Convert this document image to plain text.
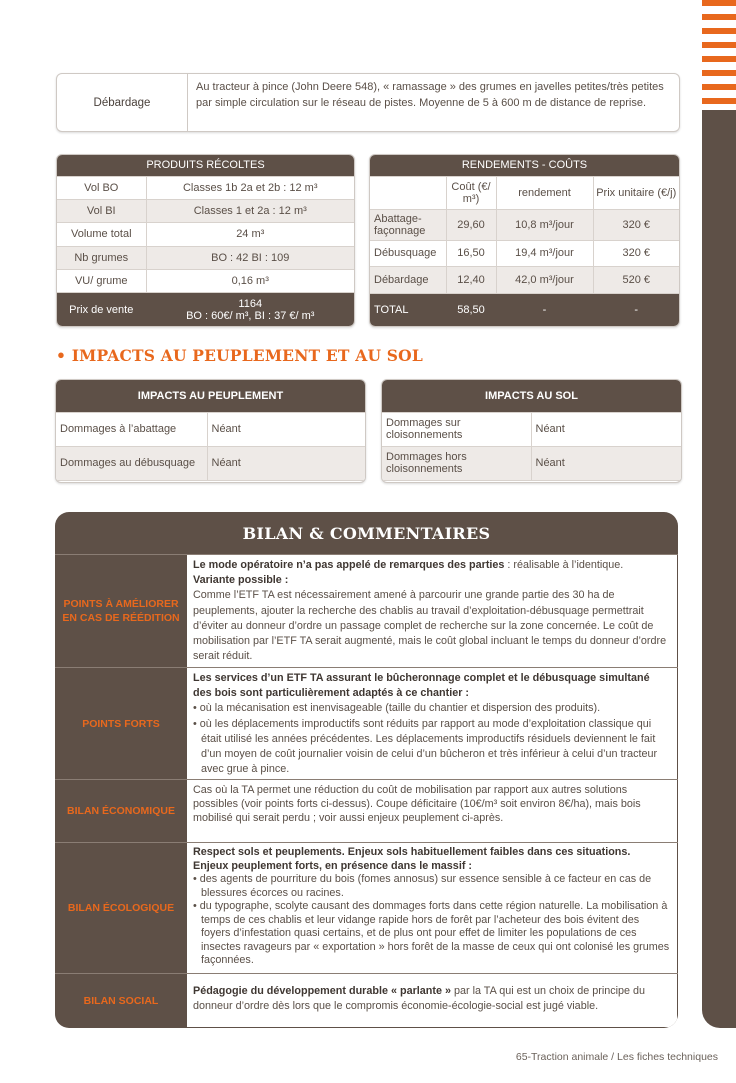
Débardage
Au tracteur à pince (John Deere 548), « ramassage » des grumes en javelles petites/très petites par simple circulation sur le réseau de pistes. Moyenne de 5 à 600 m de distance de reprise.
PRODUITS RÉCOLTES	
Vol BO	Classes 1b 2a et 2b : 12 m³
Vol BI	Classes 1 et 2a : 12 m³
Volume total	24 m³
Nb grumes	BO : 42 BI : 109
VU/ grume	0,16 m³
Prix de vente	1164
BO : 60€/ m³, BI : 37 €/ m³
RENDEMENTS - COÛTS			
	Coût (€/ m³)	rendement	Prix unitaire (€/j)
Abattage-façonnage	29,60	10,8 m³/jour	320 €
Débusquage	16,50	19,4 m³/jour	320 €
Débardage	12,40	42,0 m³/jour	520 €
TOTAL	58,50	-	-
• IMPACTS AU PEUPLEMENT ET AU SOL
IMPACTS AU PEUPLEMENT	
Dommages à l’abattage	Néant
Dommages au débusquage	Néant
IMPACTS AU SOL	
Dommages sur cloisonnements	Néant
Dommages hors cloisonnements	Néant
BILAN & COMMENTAIRES
POINTS À AMÉLIORER EN CAS DE RÉÉDITION
Le mode opératoire n’a pas appelé de remarques des parties : réalisable à l’identique.
Variante possible :
Comme l’ETF TA est nécessairement amené à parcourir une grande partie des 30 ha de peuplements, ajouter la recherche des chablis au travail d’exploitation-débusquage permettrait d’éviter au donneur d’ordre un passage complet de recherche sur la zone concernée. Le coût de mobilisation par l’ETF TA serait augmenté, mais le coût global incluant le temps du donneur d’ordre serait réduit.
POINTS FORTS
Les services d’un ETF TA assurant le bûcheronnage complet et le débusquage simultané des bois sont particulièrement adaptés à ce chantier :
• où la mécanisation est inenvisageable (taille du chantier et dispersion des produits).
• où les déplacements improductifs sont réduits par rapport au mode d’exploitation classique qui était utilisé les années précédentes. Les déplacements improductifs résiduels deviennent le fait d’un moyen de coût journalier voisin de celui d’un bûcheron et très inférieur à celui d’un tracteur avec grue à pince.
BILAN ÉCONOMIQUE
Cas où la TA permet une réduction du coût de mobilisation par rapport aux autres solutions possibles (voir points forts ci-dessus). Coupe déficitaire (10€/m³ soit environ 8€/ha), mais bois mobilisé qui serait perdu ; voir aussi enjeux peuplement ci-après.
BILAN ÉCOLOGIQUE
Respect sols et peuplements. Enjeux sols habituellement faibles dans ces situations.
Enjeux peuplement forts, en présence dans le massif :
• des agents de pourriture du bois (fomes annosus) sur essence sensible à ce facteur en cas de blessures écorces ou racines.
• du typographe, scolyte causant des dommages forts dans cette région naturelle. La mobilisation à temps de ces chablis et leur vidange rapide hors de forêt par l’acheteur des bois évitent des foyers d’infestation quasi certains, et de plus ont pour effet de limiter les populations de ces insectes ravageurs par « exportation » hors forêt de la masse de ceux qui ont colonisé les grumes façonnées.
BILAN SOCIAL
Pédagogie du développement durable « parlante » par la TA qui est un choix de principe du donneur d’ordre dès lors que le compromis économie-écologie-social est jugé viable.
65-Traction animale / Les fiches techniques
